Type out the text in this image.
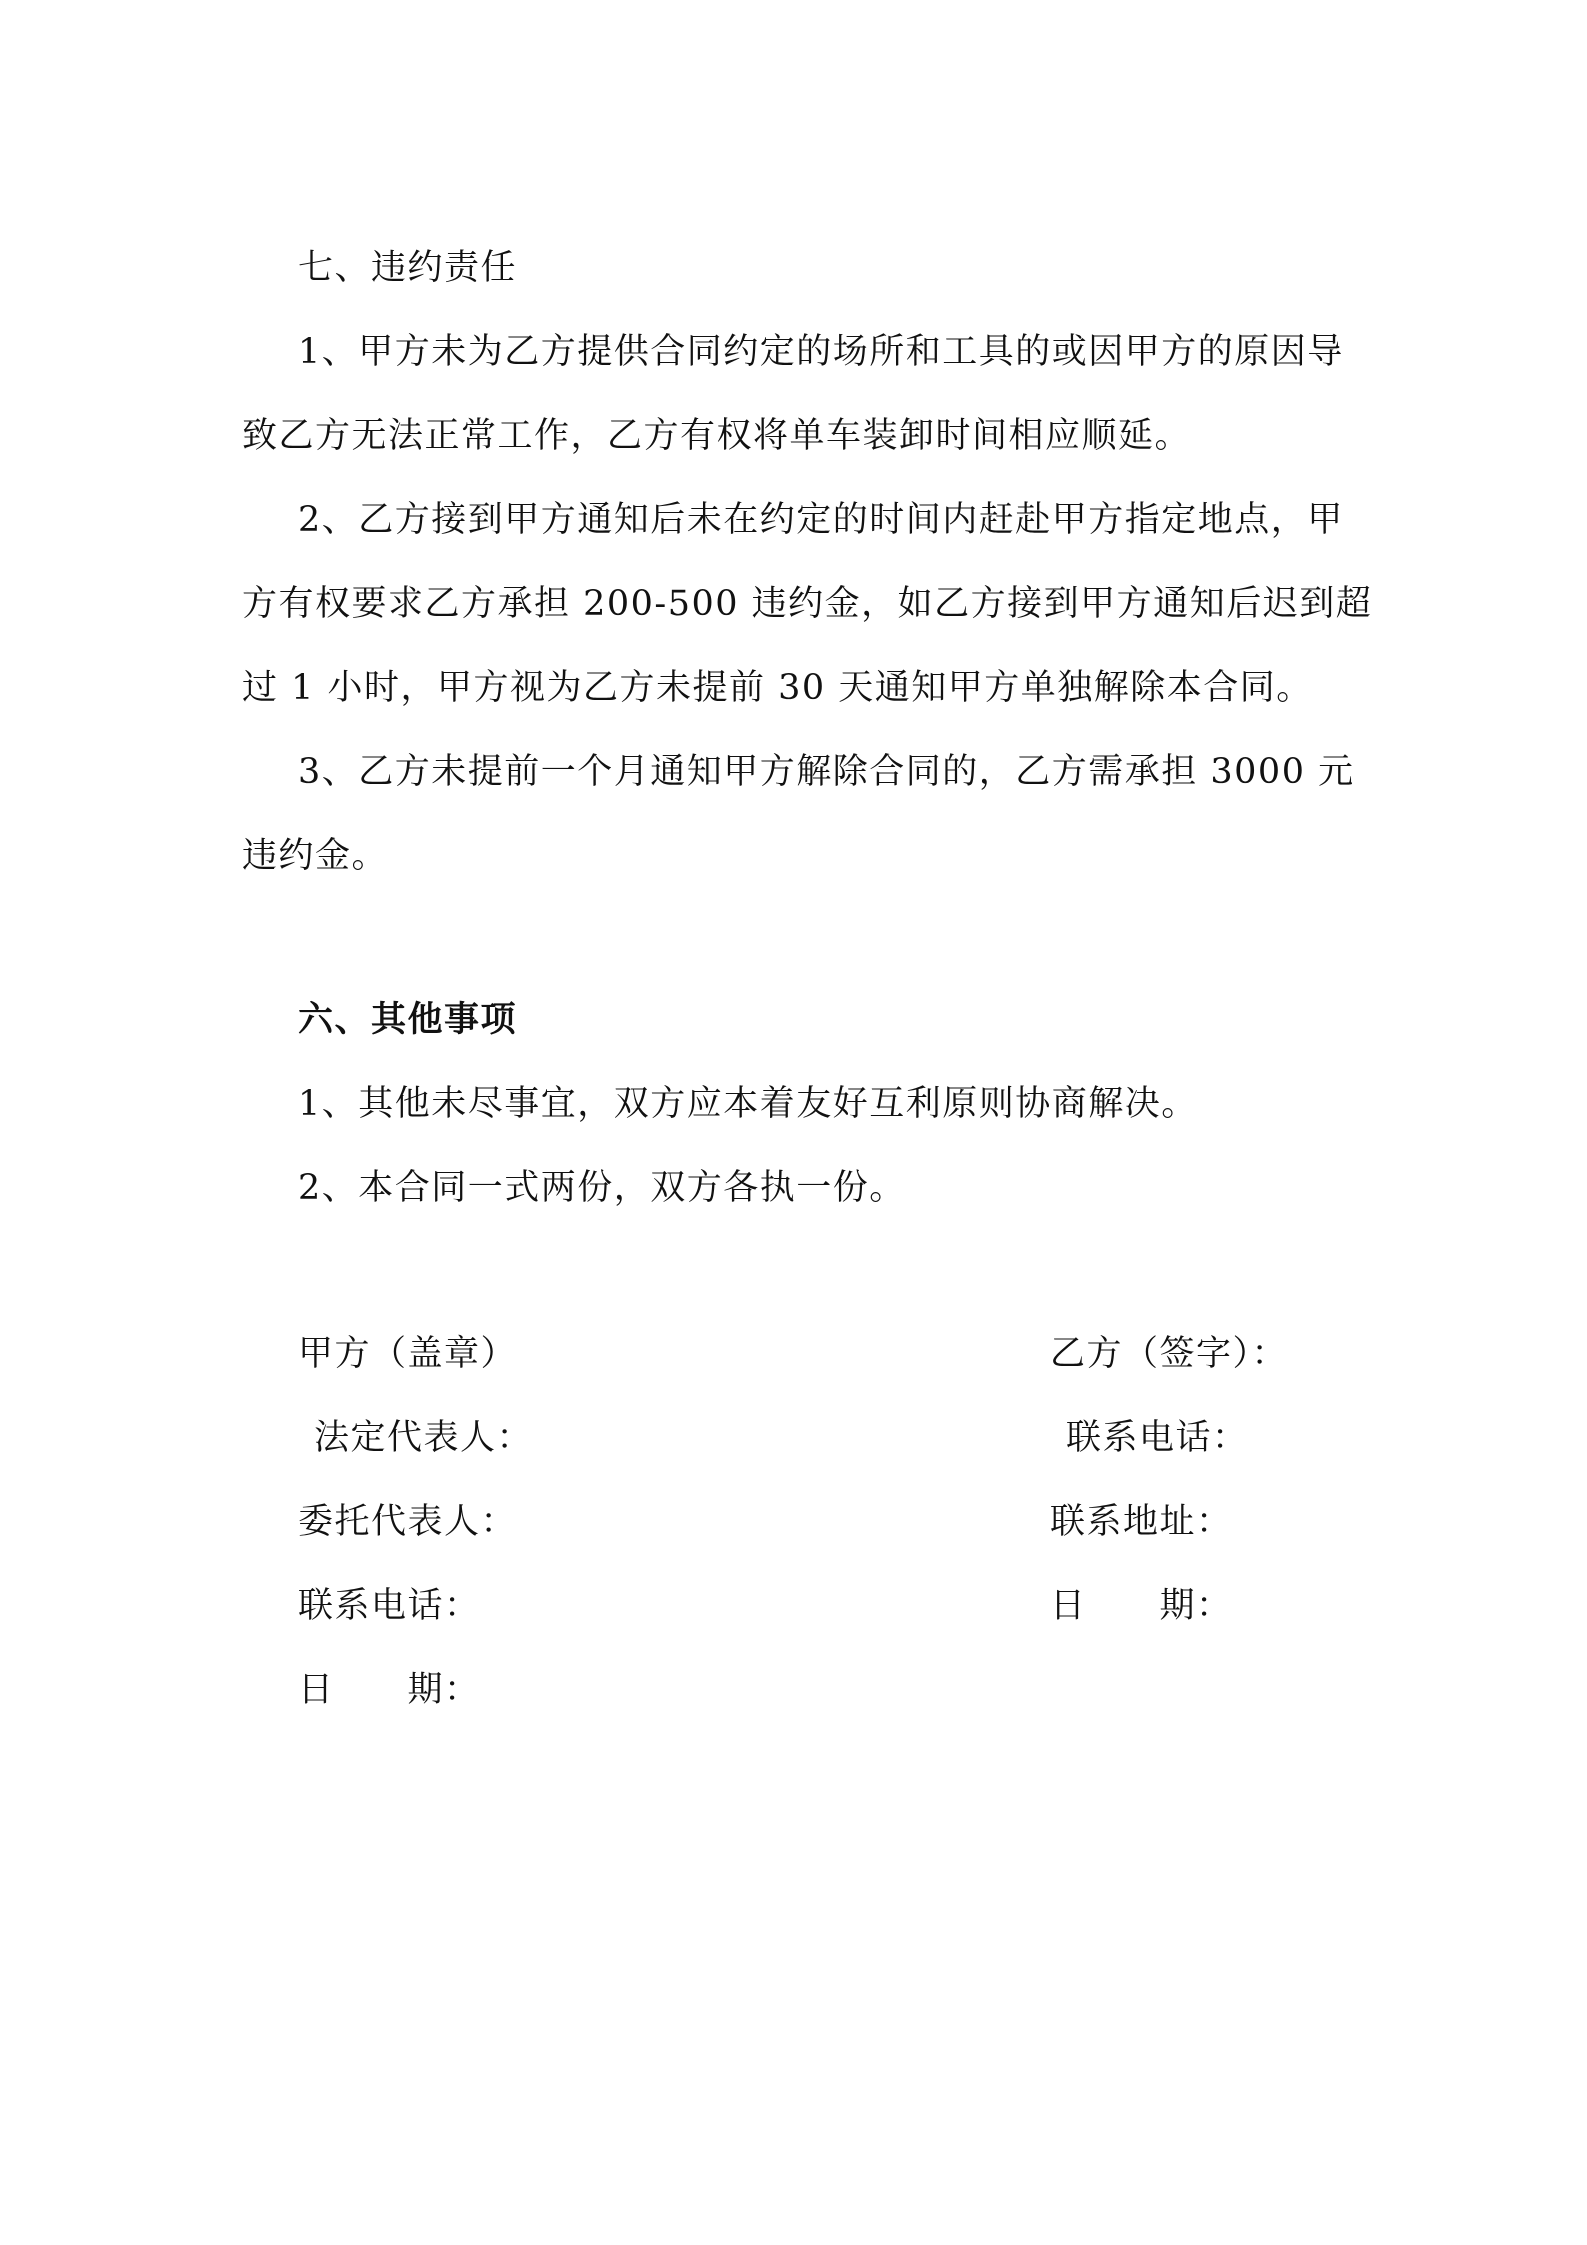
七、违约责任

1、甲方未为乙方提供合同约定的场所和工具的或因甲方的原因导

致乙方无法正常工作，乙方有权将单车装卸时间相应顺延。

2、乙方接到甲方通知后未在约定的时间内赶赴甲方指定地点，甲

方有权要求乙方承担 200-500 违约金，如乙方接到甲方通知后迟到超

过 1 小时，甲方视为乙方未提前 30 天通知甲方单独解除本合同。

3、乙方未提前一个月通知甲方解除合同的，乙方需承担 3000 元

违约金。

六、其他事项

1、其他未尽事宜，双方应本着友好互利原则协商解决。

2、本合同一式两份，双方各执一份。

甲方（盖章）

法定代表人：

委托代表人：

联系电话：

日　　期：

乙方（签字）：

联系电话：

联系地址：

日　　期：
